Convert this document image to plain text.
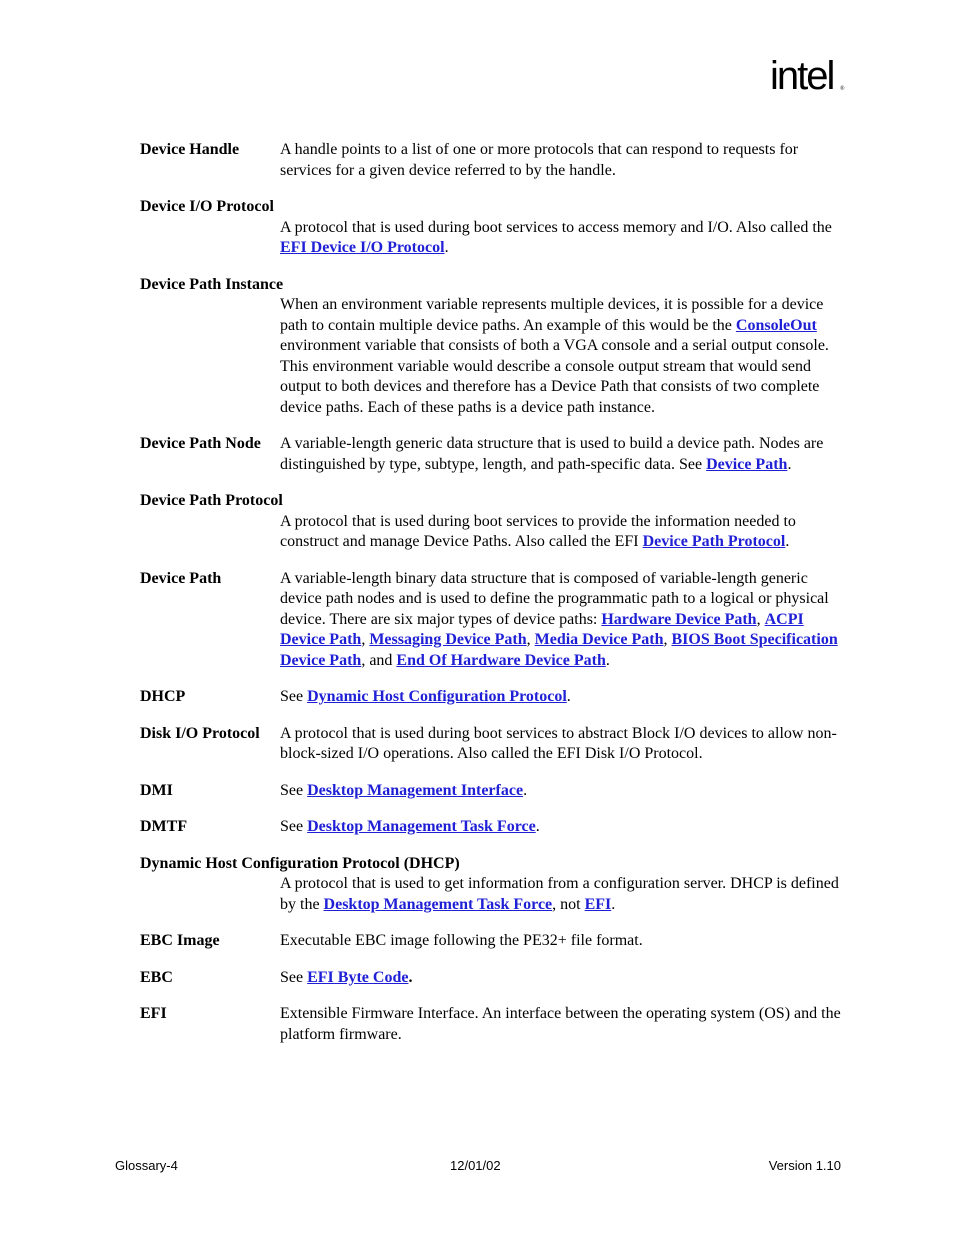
intel ®
Device Handle	A handle points to a list of one or more protocols that can respond to requests for services for a given device referred to by the handle.
Device I/O Protocol
A protocol that is used during boot services to access memory and I/O. Also called the EFI Device I/O Protocol.
Device Path Instance
When an environment variable represents multiple devices, it is possible for a device path to contain multiple device paths. An example of this would be the ConsoleOut environment variable that consists of both a VGA console and a serial output console. This environment variable would describe a console output stream that would send output to both devices and therefore has a Device Path that consists of two complete device paths. Each of these paths is a device path instance.
Device Path Node	A variable-length generic data structure that is used to build a device path. Nodes are distinguished by type, subtype, length, and path-specific data. See Device Path.
Device Path Protocol
A protocol that is used during boot services to provide the information needed to construct and manage Device Paths. Also called the EFI Device Path Protocol.
Device Path	A variable-length binary data structure that is composed of variable-length generic device path nodes and is used to define the programmatic path to a logical or physical device. There are six major types of device paths: Hardware Device Path, ACPI Device Path, Messaging Device Path, Media Device Path, BIOS Boot Specification Device Path, and End Of Hardware Device Path.
DHCP	See Dynamic Host Configuration Protocol.
Disk I/O Protocol	A protocol that is used during boot services to abstract Block I/O devices to allow non-block-sized I/O operations. Also called the EFI Disk I/O Protocol.
DMI	See Desktop Management Interface.
DMTF	See Desktop Management Task Force.
Dynamic Host Configuration Protocol (DHCP)
A protocol that is used to get information from a configuration server. DHCP is defined by the Desktop Management Task Force, not EFI.
EBC Image	Executable EBC image following the PE32+ file format.
EBC	See EFI Byte Code.
EFI	Extensible Firmware Interface. An interface between the operating system (OS) and the platform firmware.
Glossary-4	12/01/02	Version 1.10
